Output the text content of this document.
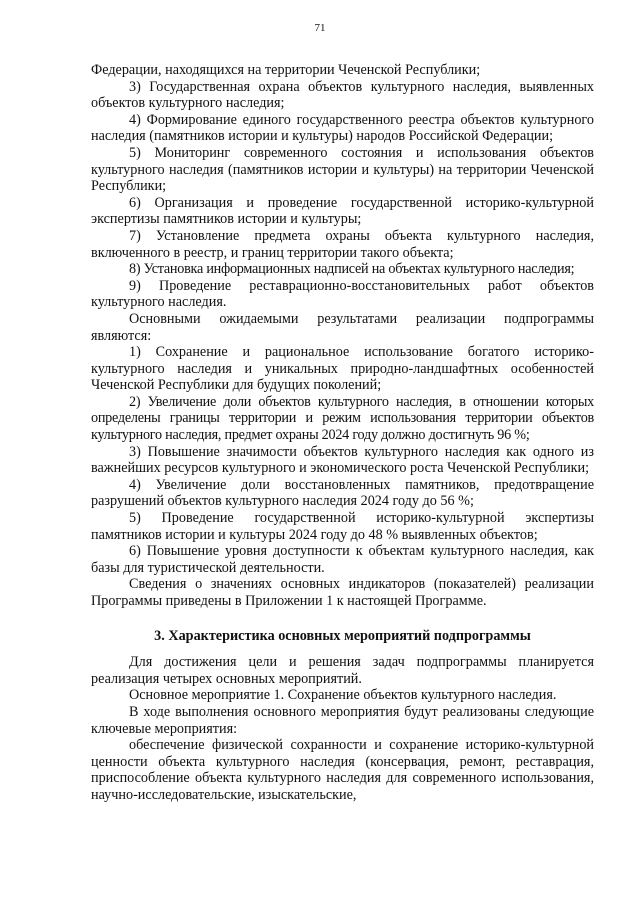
71

Федерации, находящихся на территории Чеченской Республики;

3) Государственная охрана объектов культурного наследия, выявленных объектов культурного наследия;

4) Формирование единого государственного реестра объектов культурного наследия (памятников истории и культуры) народов Российской Федерации;

5) Мониторинг современного состояния и использования объектов культурного наследия (памятников истории и культуры) на территории Чеченской Республики;

6) Организация и проведение государственной историко-культурной экспертизы памятников истории и культуры;

7) Установление предмета охраны объекта культурного наследия, включенного в реестр, и границ территории такого объекта;

8) Установка информационных надписей на объектах культурного наследия;

9) Проведение реставрационно-восстановительных работ объектов культурного наследия.

Основными ожидаемыми результатами реализации подпрограммы являются:

1) Сохранение и рациональное использование богатого историко-культурного наследия и уникальных природно-ландшафтных особенностей Чеченской Республики для будущих поколений;

2) Увеличение доли объектов культурного наследия, в отношении которых определены границы территории и режим использования территории объектов культурного наследия, предмет охраны 2024 году должно достигнуть 96 %;

3) Повышение значимости объектов культурного наследия как одного из важнейших ресурсов культурного и экономического роста Чеченской Республики;

4) Увеличение доли восстановленных памятников, предотвращение разрушений объектов культурного наследия 2024 году до 56 %;

5) Проведение государственной историко-культурной экспертизы памятников истории и культуры 2024 году до 48 % выявленных объектов;

6) Повышение уровня доступности к объектам культурного наследия, как базы для туристической деятельности.

Сведения о значениях основных индикаторов (показателей) реализации Программы приведены в Приложении 1 к настоящей Программе.

3. Характеристика основных мероприятий подпрограммы

Для достижения цели и решения задач подпрограммы планируется реализация четырех основных мероприятий.

Основное мероприятие 1. Сохранение объектов культурного наследия.

В ходе выполнения основного мероприятия будут реализованы следующие ключевые мероприятия:

обеспечение физической сохранности и сохранение историко-культурной ценности объекта культурного наследия (консервация, ремонт, реставрация, приспособление объекта культурного наследия для современного использования, научно-исследовательские, изыскательские,
